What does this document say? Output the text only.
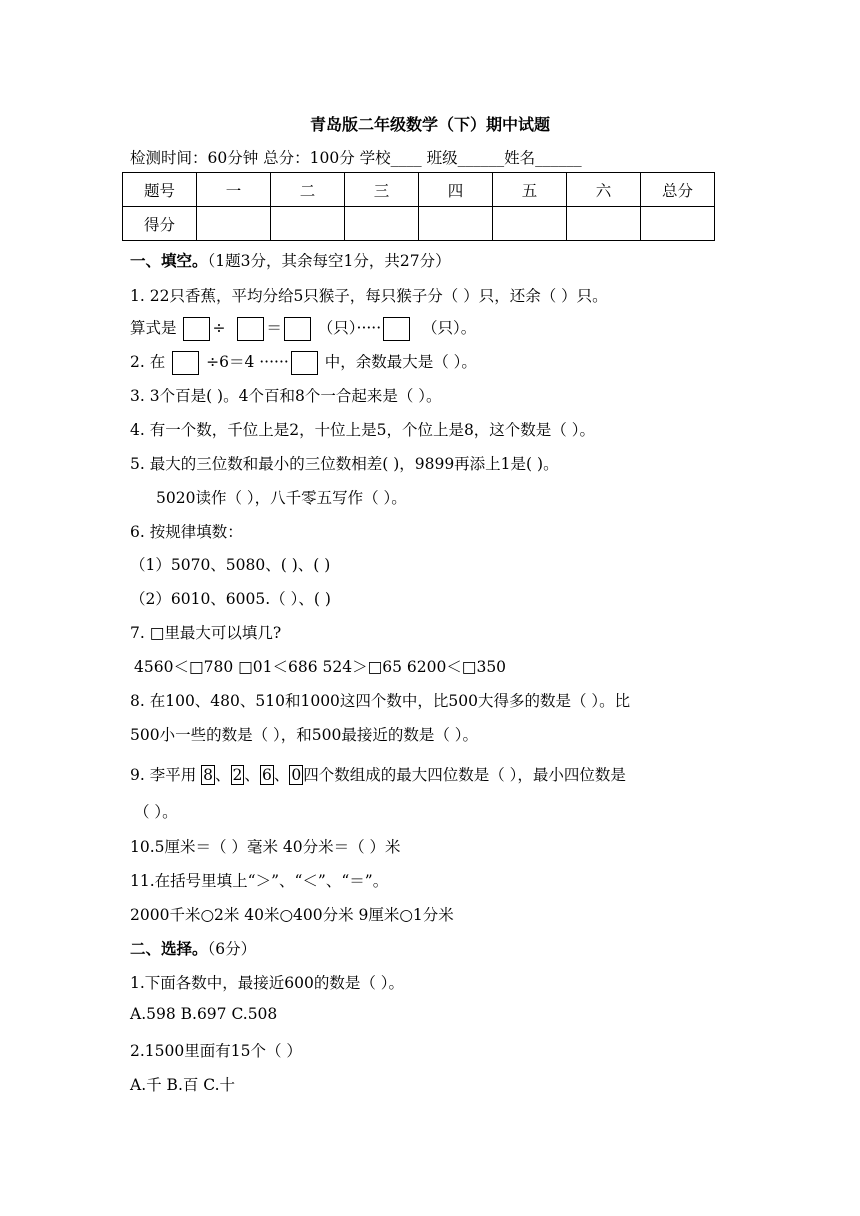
青岛版二年级数学（下）期中试题
检测时间：60分钟 总分：100分 学校____ 班级______姓名______
题号	一	二	三	四	五	六	总分
得分							
一、填空。（1题3分，其余每空1分，共27分）
1. 22只香蕉，平均分给5只猴子，每只猴子分（ ）只，还余（ ）只。
算式是 ÷	＝ （只）·····	（只）。
2. 在	÷6＝4 ······ 中，余数最大是（ ）。
3. 3个百是( )。4个百和8个一合起来是（ ）。
4. 有一个数，千位上是2，十位上是5，个位上是8，这个数是（ ）。
5. 最大的三位数和最小的三位数相差( )，9899再添上1是( )。
5020读作（ ），八千零五写作（ ）。
6. 按规律填数：
（1）5070、5080、( )、( )
（2）6010、6005.（ ）、( )
7. □里最大可以填几?
4560＜□780 □01＜686 524＞□65 6200＜□350
8. 在100、480、510和1000这四个数中，比500大得多的数是（ ）。比
500小一些的数是（ ），和500最接近的数是（ ）。
9. 李平用 8 、 2 、 6 、 0 四个数组成的最大四位数是（ ），最小四位数是
（ ）。
10.5厘米＝（ ）毫米 40分米＝（ ）米
11.在括号里填上“＞”、“＜”、“＝”。
2000千米○2米 40米○400分米 9厘米○1分米
二、选择。（6分）
1.下面各数中，最接近600的数是（ ）。
A.598 B.697 C.508
2.1500里面有15个（ ）
A.千 B.百 C.十
